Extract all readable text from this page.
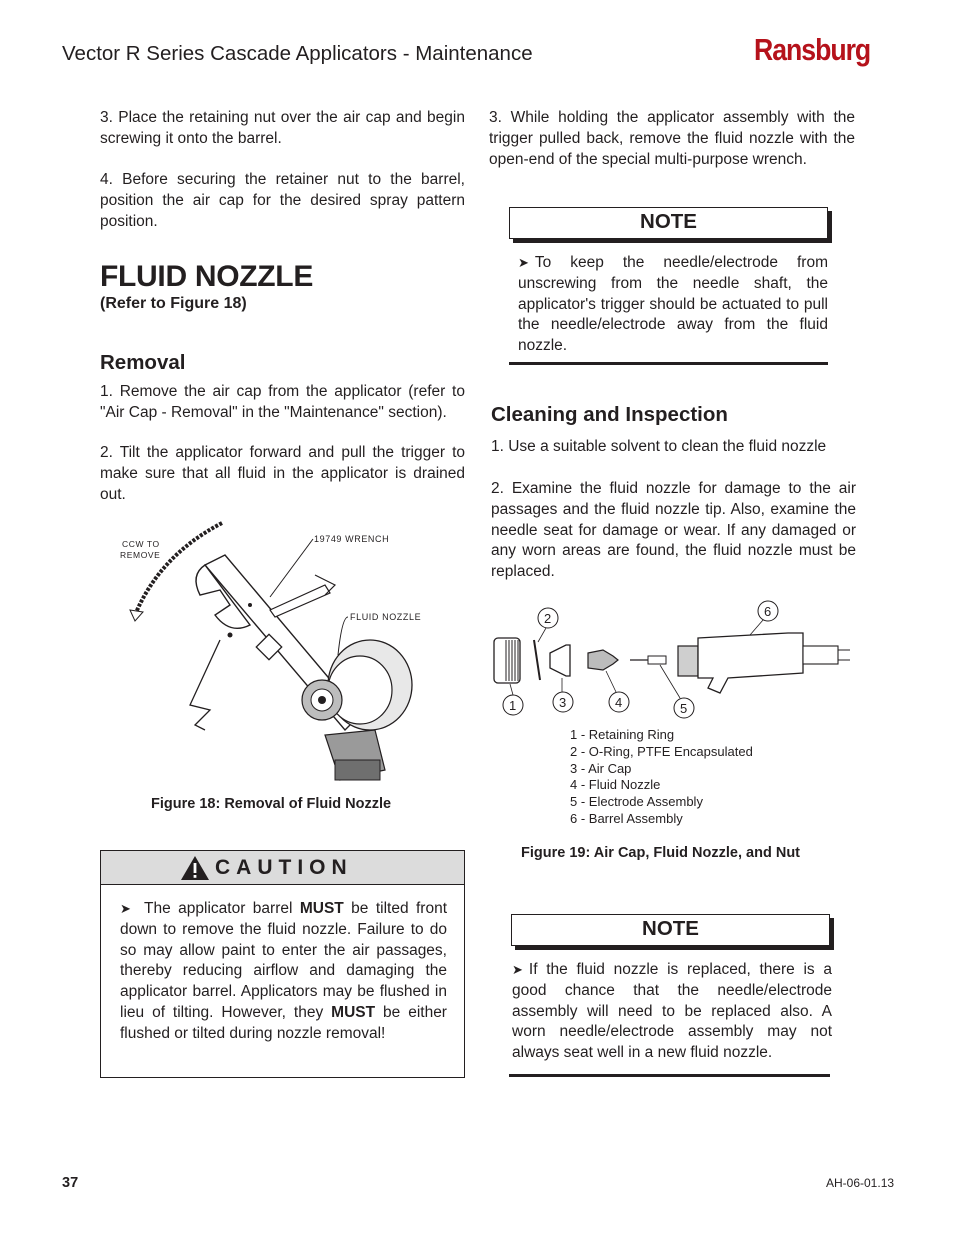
Vector R Series Cascade Applicators - Maintenance	Ransburg
3. Place the retaining nut over the air cap and begin screwing it onto the barrel.
4. Before securing the retainer nut to the barrel, position the air cap for the desired spray pattern position.
FLUID NOZZLE
(Refer to Figure 18)
Removal
1. Remove the air cap from the applicator (refer to "Air Cap - Removal" in the "Maintenance" section).
2. Tilt the applicator forward and pull the trigger to make sure that all fluid in the applicator is drained out.
CCW TO
REMOVE
19749 WRENCH
FLUID NOZZLE
Figure 18: Removal of Fluid Nozzle
CAUTION
➤ The applicator barrel MUST be tilted front down to remove the fluid nozzle. Failure to do so may allow paint to enter the air passages, thereby reducing airflow and damaging the applicator barrel. Applicators may be flushed in lieu of tilting. However, they MUST be either flushed or tilted during nozzle removal!
3. While holding the applicator assembly with the trigger pulled back, remove the fluid nozzle with the open-end of the special multi-purpose wrench.
NOTE
➤ To keep the needle/electrode from unscrewing from the needle shaft, the applicator's trigger should be actuated to pull the needle/electrode away from the fluid nozzle.
Cleaning and Inspection
1. Use a suitable solvent to clean the fluid nozzle
2. Examine the fluid nozzle for damage to the air passages and the fluid nozzle tip. Also, examine the needle seat for damage or wear. If any damaged or any worn areas are found, the fluid nozzle must be replaced.
1
2
3	4	5
6
1 - Retaining Ring
2 - O-Ring, PTFE Encapsulated
3 - Air Cap
4 - Fluid Nozzle
5 - Electrode Assembly
6 - Barrel Assembly
Figure 19: Air Cap, Fluid Nozzle, and Nut
NOTE
➤ If the fluid nozzle is replaced, there is a good chance that the needle/electrode assembly will need to be replaced also. A worn needle/electrode assembly may not always seat well in a new fluid nozzle.
37	AH-06-01.13
